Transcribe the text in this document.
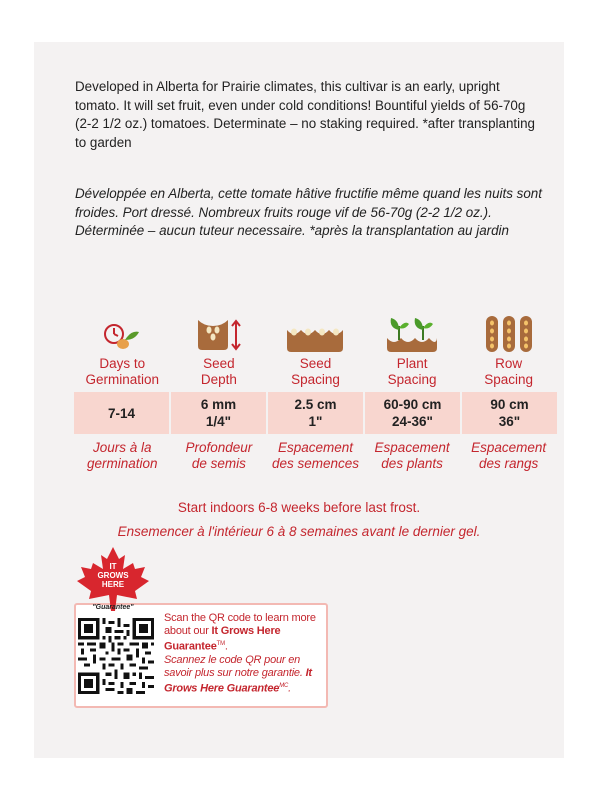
Developed in Alberta for Prairie climates, this cultivar is an early, upright tomato. It will set fruit, even under cold conditions! Bountiful yields of 56-70g (2-2 1/2 oz.) tomatoes. Determinate – no staking required. *after transplanting to garden

Développée en Alberta, cette tomate hâtive fructifie même quand les nuits sont froides. Port dressé. Nombreux fruits rouge vif de 56-70g (2-2 1/2 oz.). Déterminée – aucun tuteur necessaire. *après la transplantation au jardin

Days to
Germination
Seed
Depth
Seed
Spacing
Plant
Spacing
Row
Spacing
7-14
6 mm
1/4"
2.5 cm
1"
60-90 cm
24-36"
90 cm
36"
Jours à la
germination
Profondeur
de semis
Espacement
des semences
Espacement
des plants
Espacement
des rangs
Start indoors 6-8 weeks before last frost.
Ensemencer à l'intérieur 6 à 8 semaines avant le dernier gel.
IT
GROWS
HERE
"Guarantee"
Scan the QR code to learn more about our It Grows Here Guarantee™.
Scannez le code QR pour en savoir plus sur notre garantie. It Grows Here Guarantee$^{MC}$.
